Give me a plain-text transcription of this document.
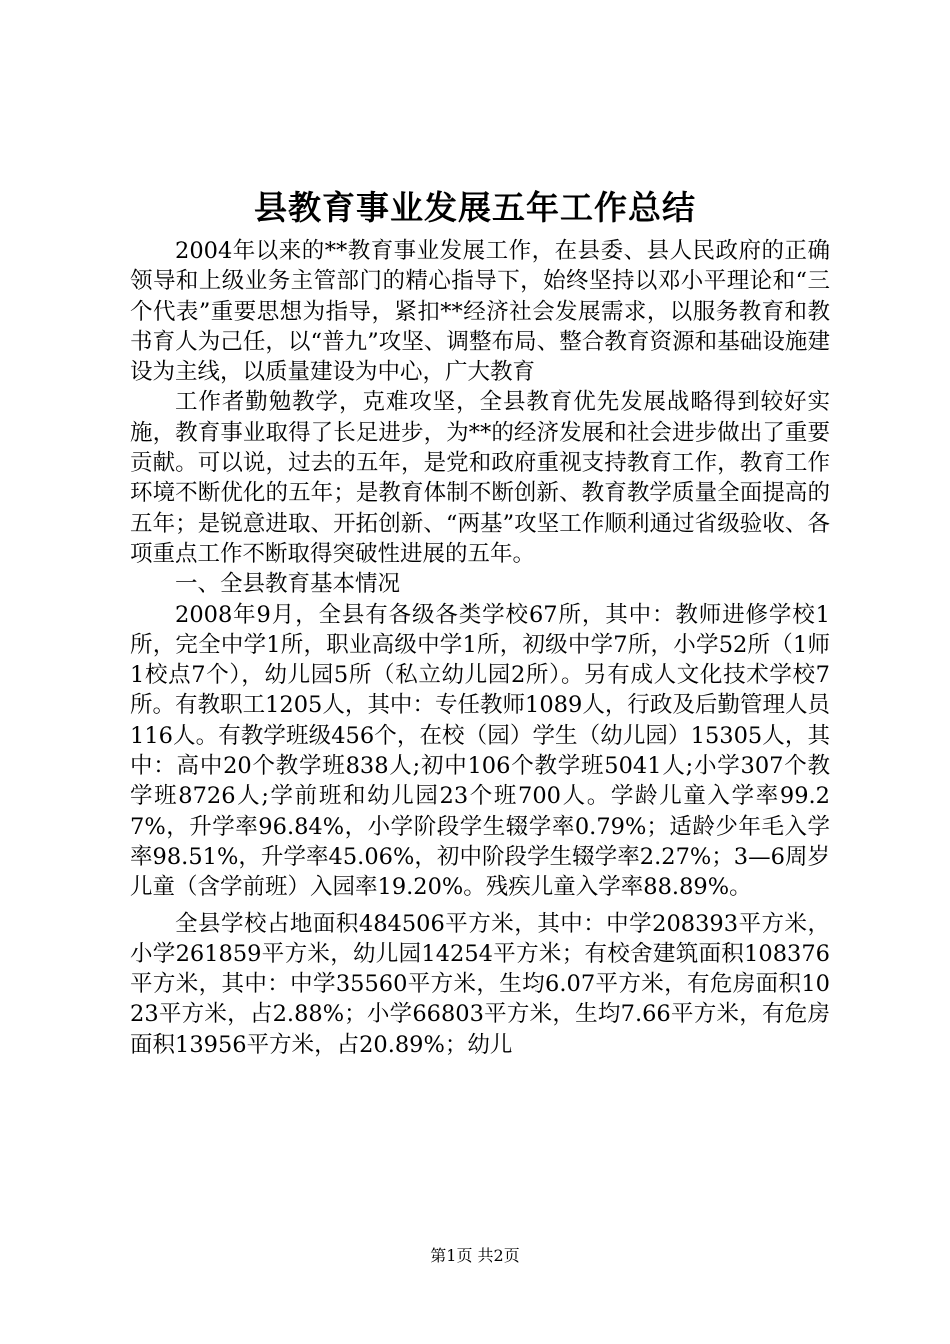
县教育事业发展五年工作总结

2004年以来的**教育事业发展工作，在县委、县人民政府的正确领导和上级业务主管部门的精心指导下，始终坚持以邓小平理论和“三个代表”重要思想为指导，紧扣**经济社会发展需求，以服务教育和教书育人为己任，以“普九”攻坚、调整布局、整合教育资源和基础设施建设为主线，以质量建设为中心，广大教育

工作者勤勉教学，克难攻坚，全县教育优先发展战略得到较好实施，教育事业取得了长足进步，为**的经济发展和社会进步做出了重要贡献。可以说，过去的五年，是党和政府重视支持教育工作，教育工作环境不断优化的五年；是教育体制不断创新、教育教学质量全面提高的五年；是锐意进取、开拓创新、“两基”攻坚工作顺利通过省级验收、各项重点工作不断取得突破性进展的五年。

一、全县教育基本情况

2008年9月，全县有各级各类学校67所，其中：教师进修学校1所，完全中学1所，职业高级中学1所，初级中学7所，小学52所（1师1校点7个），幼儿园5所（私立幼儿园2所）。另有成人文化技术学校7所。有教职工1205人，其中：专任教师1089人，行政及后勤管理人员116人。有教学班级456个，在校（园）学生（幼儿园）15305人，其中：高中20个教学班838人;初中106个教学班5041人;小学307个教学班8726人;学前班和幼儿园23个班700人。学龄儿童入学率99.27%，升学率96.84%，小学阶段学生辍学率0.79%；适龄少年毛入学率98.51%，升学率45.06%，初中阶段学生辍学率2.27%；3—6周岁儿童（含学前班）入园率19.20%。残疾儿童入学率88.89%。

全县学校占地面积484506平方米，其中：中学208393平方米，小学261859平方米，幼儿园14254平方米；有校舍建筑面积108376平方米，其中：中学35560平方米，生均6.07平方米，有危房面积1023平方米，占2.88%；小学66803平方米，生均7.66平方米，有危房面积13956平方米，占20.89%；幼儿

第1页 共2页
